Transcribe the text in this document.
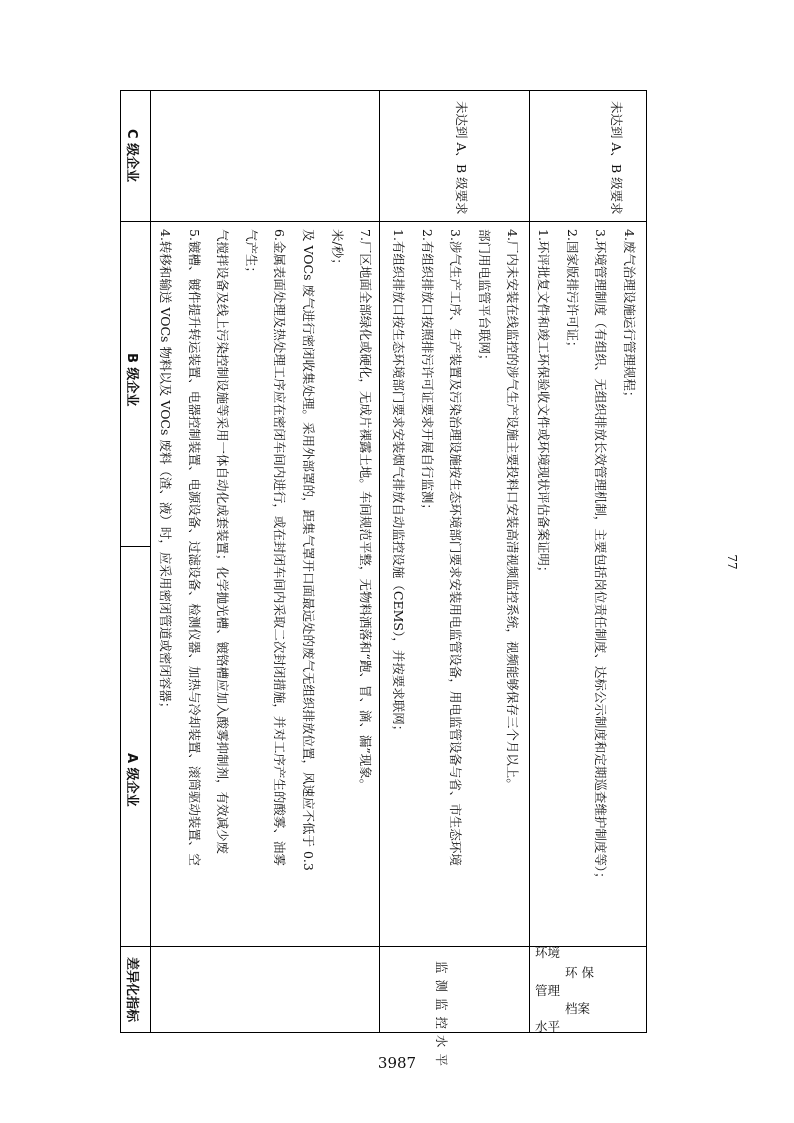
77
差异化指标
A 级企业
B 级企业
C 级企业
4.转移和输送 VOCs 物料以及 VOCs 废料（渣、液）时，应采用密闭管道或密闭容器； 5.镀槽、镀件提升转运装置、电器控制装置、电源设备、过滤设备、检测仪器、加热与冷却装置、滚筒驱动装置、空 气搅拌设备及线上污染控制设施等采用一体自动化成套装置；化学抛光槽、镀铬槽应加入酸雾抑制剂，有效减少废 气产生； 6.金属表面处理及热处理工序应在密闭车间内进行，或在封闭车间内采取二次封闭措施，并对工序产生的酸雾、油雾 及 VOCs 废气进行密闭收集处理。采用外部罩的，距集气罩开口面最远处的废气无组织排放位置，风速应不低于 0.3 米/秒； 7.厂区地面全部绿化或硬化，无成片裸露土地。车间规范平整，无物料洒落和“跑、冒、滴、漏”现象。 1.有组织排放口按生态环境部门要求安装烟气排放自动监控设施（CEMS），并按要求联网； 2.有组织排放口按照排污许可证要求开展自行监测； 3.涉气生产工序、生产装置及污染治理设施按生态环境部门要求安装用电监管设备，用电监管设备与省、市生态环境 部门用电监管平台联网； 4.厂内未安装在线监控的涉气生产设施主要投料口安装高清视频监控系统，视频能够保存三个月以上。
监测监控水平
未达到 A、B 级要求
1.环评批复文件和竣工环保验收文件或环境现状评估备案证明； 2.国家版排污许可证； 3.环境管理制度（有组织、无组织排放长效管理机制，主要包括岗位责任制度、达标公示制度和定期巡查维护制度等）； 4.废气治理设施运行管理规程；
环境
环 保
管理
档案
水平
未达到 A、B 级要求
3987
